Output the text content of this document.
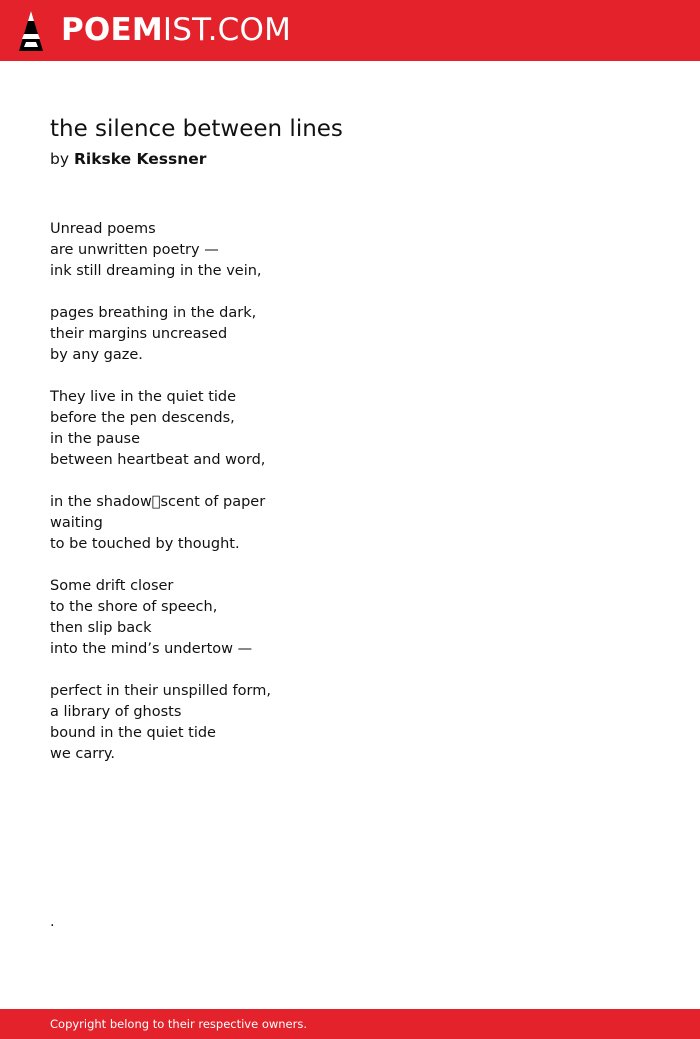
POEMIST.COM
the silence between lines
by Rikske Kessner
Unread poems
are unwritten poetry —
ink still dreaming in the vein,
pages breathing in the dark,
their margins uncreased
by any gaze.
They live in the quiet tide
before the pen descends,
in the pause
between heartbeat and word,
in the shadow scent of paper
waiting
to be touched by thought.
Some drift closer
to the shore of speech,
then slip back
into the mind’s undertow —
perfect in their unspilled form,
a library of ghosts
bound in the quiet tide
we carry.
.
Copyright belong to their respective owners.
